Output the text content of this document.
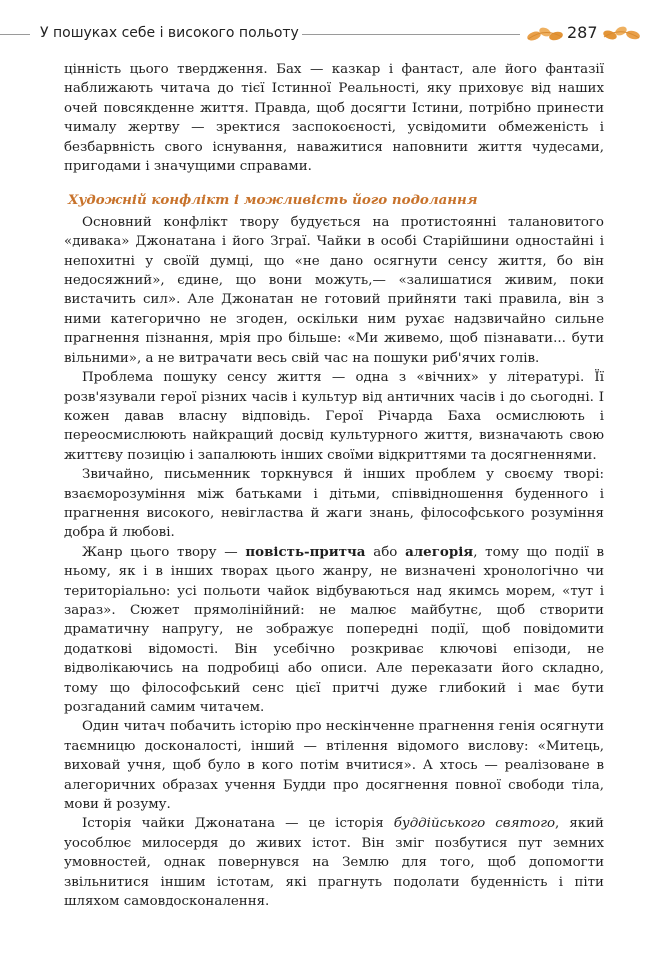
У пошуках себе і високого польоту	287

цінність цього твердження. Бах — казкар і фантаст, але його фантазії наближають читача до тієї Істинної Реальності, яку приховує від наших очей повсякденне життя. Правда, щоб досягти Істини, потрібно принести чималу жертву — зректися заспокоєності, усвідомити обмеженість і безбарвність свого існування, наважитися наповнити життя чудесами, пригодами і значущими справами.

Художній конфлікт і можливість його подолання

Основний конфлікт твору будується на протистоянні талановитого «дивака» Джонатана і його Зграї. Чайки в особі Старійшини одностайні і непохитні у своїй думці, що «не дано осягнути сенсу життя, бо він недосяжний», єдине, що вони можуть,— «залишатися живим, поки вистачить сил». Але Джонатан не готовий прийняти такі правила, він з ними категорично не згоден, оскільки ним рухає надзвичайно сильне прагнення пізнання, мрія про більше: «Ми живемо, щоб пізнавати... бути вільними», а не витрачати весь свій час на пошуки риб'ячих голів.

Проблема пошуку сенсу життя — одна з «вічних» у літературі. Її розв'язували герої різних часів і культур від античних часів і до сьогодні. І кожен давав власну відповідь. Герої Річарда Баха осмислюють і переосмислюють найкращий досвід культурного життя, визначають свою життєву позицію і запалюють інших своїми відкриттями та досягненнями.

Звичайно, письменник торкнувся й інших проблем у своєму творі: взаєморозуміння між батьками і дітьми, співвідношення буденного і прагнення високого, невігластва й жаги знань, філософського розуміння добра й любові.

Жанр цього твору — повість-притча або алегорія, тому що події в ньому, як і в інших творах цього жанру, не визначені хронологічно чи територіально: усі польоти чайок відбуваються над якимсь морем, «тут і зараз». Сюжет прямолінійний: не малює майбутнє, щоб створити драматичну напругу, не зображує попередні події, щоб повідомити додаткові відомості. Він усебічно розкриває ключові епізоди, не відволікаючись на подробиці або описи. Але переказати його складно, тому що філософський сенс цієї притчі дуже глибокий і має бути розгаданий самим читачем.

Один читач побачить історію про нескінченне прагнення генія осягнути таємницю досконалості, інший — втілення відомого вислову: «Митець, виховай учня, щоб було в кого потім вчитися». А хтось — реалізоване в алегоричних образах учення Будди про досягнення повної свободи тіла, мови й розуму.

Історія чайки Джонатана — це історія буддійського святого, який уособлює милосердя до живих істот. Він зміг позбутися пут земних умовностей, однак повернувся на Землю для того, щоб допомогти звільнитися іншим істотам, які прагнуть подолати буденність і піти шляхом самовдосконалення.
